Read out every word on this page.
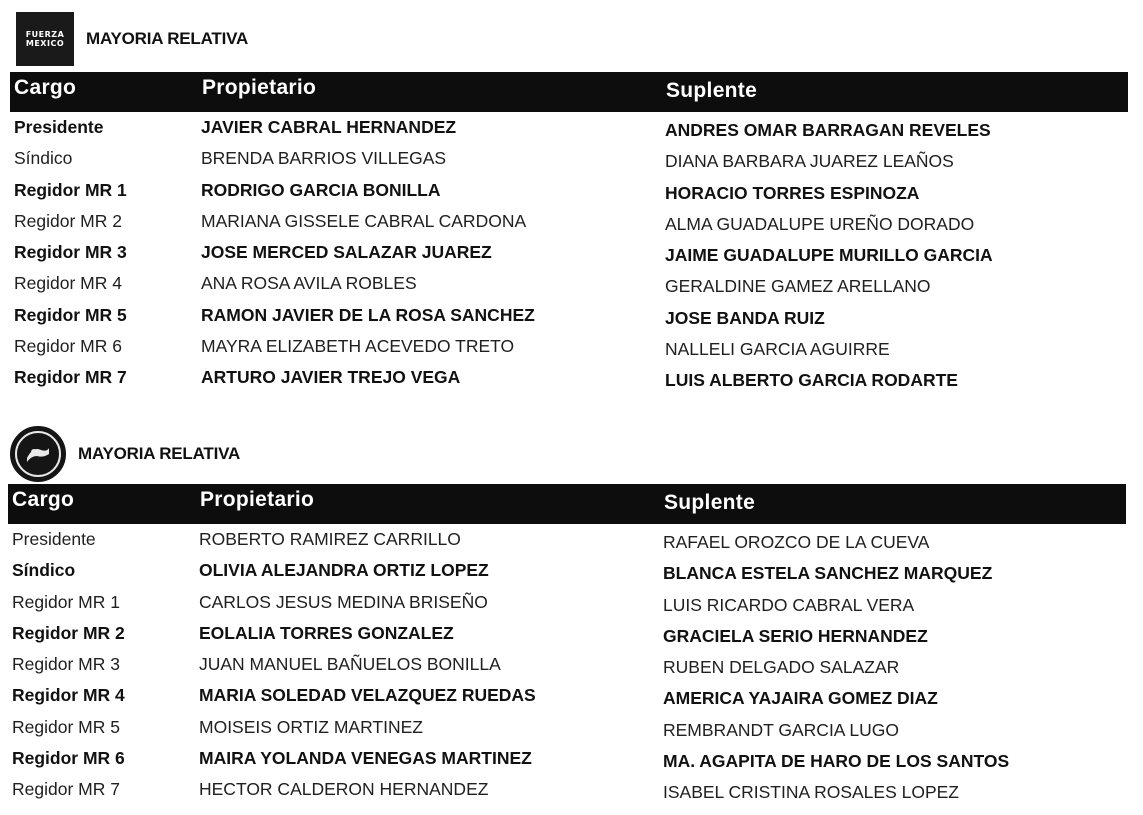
FUERZA
MEXICO MAYORIA RELATIVA
Cargo	Propietario	Suplente
Presidente	JAVIER CABRAL HERNANDEZ	ANDRES OMAR BARRAGAN REVELES
Síndico	BRENDA BARRIOS VILLEGAS	DIANA BARBARA JUAREZ LEAÑOS
Regidor MR 1	RODRIGO GARCIA BONILLA	HORACIO TORRES ESPINOZA
Regidor MR 2	MARIANA GISSELE CABRAL CARDONA	ALMA GUADALUPE UREÑO DORADO
Regidor MR 3	JOSE MERCED SALAZAR JUAREZ	JAIME GUADALUPE MURILLO GARCIA
Regidor MR 4	ANA ROSA AVILA ROBLES	GERALDINE GAMEZ ARELLANO
Regidor MR 5	RAMON JAVIER DE LA ROSA SANCHEZ	JOSE BANDA RUIZ
Regidor MR 6	MAYRA ELIZABETH ACEVEDO TRETO	NALLELI GARCIA AGUIRRE
Regidor MR 7	ARTURO JAVIER TREJO VEGA	LUIS ALBERTO GARCIA RODARTE
MAYORIA RELATIVA
Cargo	Propietario	Suplente
Presidente	ROBERTO RAMIREZ CARRILLO	RAFAEL OROZCO DE LA CUEVA
Síndico	OLIVIA ALEJANDRA ORTIZ LOPEZ	BLANCA ESTELA SANCHEZ MARQUEZ
Regidor MR 1	CARLOS JESUS MEDINA BRISEÑO	LUIS RICARDO CABRAL VERA
Regidor MR 2	EOLALIA TORRES GONZALEZ	GRACIELA SERIO HERNANDEZ
Regidor MR 3	JUAN MANUEL BAÑUELOS BONILLA	RUBEN DELGADO SALAZAR
Regidor MR 4	MARIA SOLEDAD VELAZQUEZ RUEDAS	AMERICA YAJAIRA GOMEZ DIAZ
Regidor MR 5	MOISEIS ORTIZ MARTINEZ	REMBRANDT GARCIA LUGO
Regidor MR 6	MAIRA YOLANDA VENEGAS MARTINEZ	MA. AGAPITA DE HARO DE LOS SANTOS
Regidor MR 7	HECTOR CALDERON HERNANDEZ	ISABEL CRISTINA ROSALES LOPEZ
